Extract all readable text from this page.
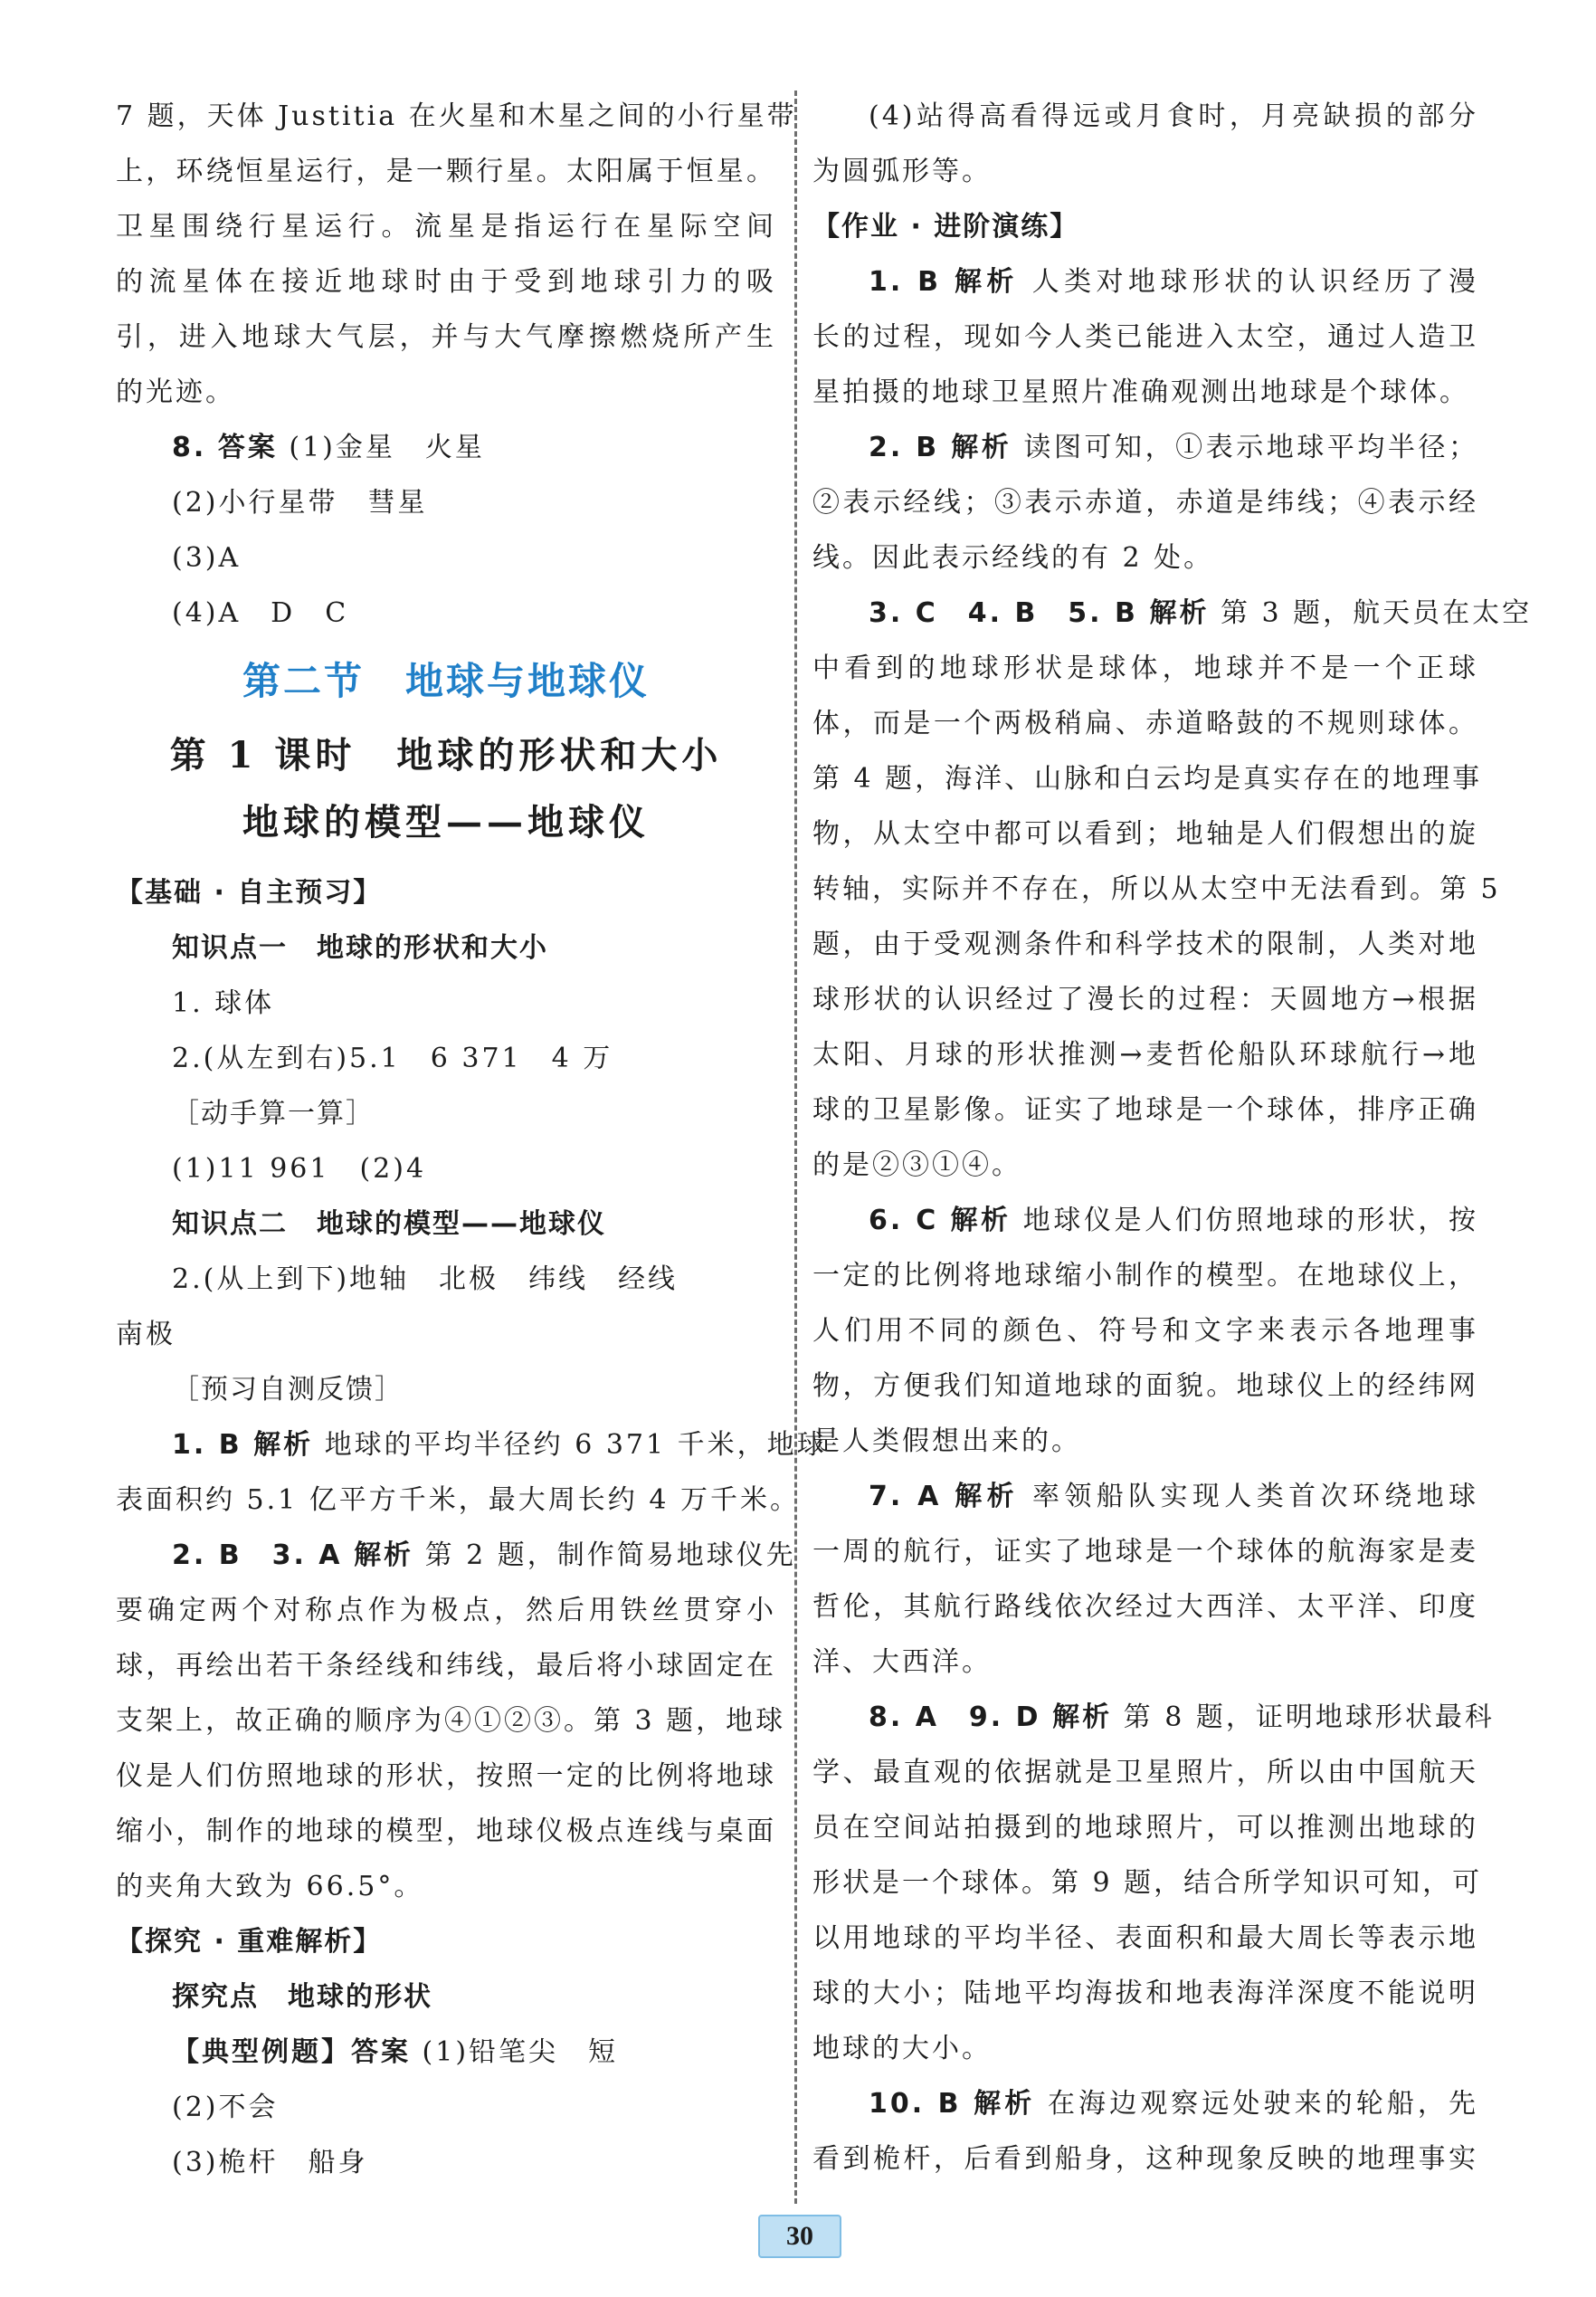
7 题，天体 Justitia 在火星和木星之间的小行星带
上，环绕恒星运行，是一颗行星。太阳属于恒星。
卫星围绕行星运行。流星是指运行在星际空间
的流星体在接近地球时由于受到地球引力的吸
引，进入地球大气层，并与大气摩擦燃烧所产生
的光迹。
8. 答案 (1)金星　火星
(2)小行星带　彗星
(3)A
(4)A　D　C
第二节　地球与地球仪
第 1 课时　地球的形状和大小
地球的模型——地球仪
【基础 · 自主预习】
知识点一　地球的形状和大小
1. 球体
2.(从左到右)5.1　6 371　4 万
［动手算一算］
(1)11 961　(2)4
知识点二　地球的模型——地球仪
2.(从上到下)地轴　北极　纬线　经线
南极
［预习自测反馈］
1. B 解析 地球的平均半径约 6 371 千米，地球
表面积约 5.1 亿平方千米，最大周长约 4 万千米。
2. B　3. A 解析 第 2 题，制作简易地球仪先
要确定两个对称点作为极点，然后用铁丝贯穿小
球，再绘出若干条经线和纬线，最后将小球固定在
支架上，故正确的顺序为④①②③。第 3 题，地球
仪是人们仿照地球的形状，按照一定的比例将地球
缩小，制作的地球的模型，地球仪极点连线与桌面
的夹角大致为 66.5°。
【探究 · 重难解析】
探究点　地球的形状
【典型例题】答案 (1)铅笔尖　短
(2)不会
(3)桅杆　船身
(4)站得高看得远或月食时，月亮缺损的部分
为圆弧形等。
【作业 · 进阶演练】
1. B 解析 人类对地球形状的认识经历了漫
长的过程，现如今人类已能进入太空，通过人造卫
星拍摄的地球卫星照片准确观测出地球是个球体。
2. B 解析 读图可知，①表示地球平均半径；
②表示经线；③表示赤道，赤道是纬线；④表示经
线。因此表示经线的有 2 处。
3. C　4. B　5. B 解析 第 3 题，航天员在太空
中看到的地球形状是球体，地球并不是一个正球
体，而是一个两极稍扁、赤道略鼓的不规则球体。
第 4 题，海洋、山脉和白云均是真实存在的地理事
物，从太空中都可以看到；地轴是人们假想出的旋
转轴，实际并不存在，所以从太空中无法看到。第 5
题，由于受观测条件和科学技术的限制，人类对地
球形状的认识经过了漫长的过程：天圆地方→根据
太阳、月球的形状推测→麦哲伦船队环球航行→地
球的卫星影像。证实了地球是一个球体，排序正确
的是②③①④。
6. C 解析 地球仪是人们仿照地球的形状，按
一定的比例将地球缩小制作的模型。在地球仪上，
人们用不同的颜色、符号和文字来表示各地理事
物，方便我们知道地球的面貌。地球仪上的经纬网
是人类假想出来的。
7. A 解析 率领船队实现人类首次环绕地球
一周的航行，证实了地球是一个球体的航海家是麦
哲伦，其航行路线依次经过大西洋、太平洋、印度
洋、大西洋。
8. A　9. D 解析 第 8 题，证明地球形状最科
学、最直观的依据就是卫星照片，所以由中国航天
员在空间站拍摄到的地球照片，可以推测出地球的
形状是一个球体。第 9 题，结合所学知识可知，可
以用地球的平均半径、表面积和最大周长等表示地
球的大小；陆地平均海拔和地表海洋深度不能说明
地球的大小。
10. B 解析 在海边观察远处驶来的轮船，先
看到桅杆，后看到船身，这种现象反映的地理事实
30
